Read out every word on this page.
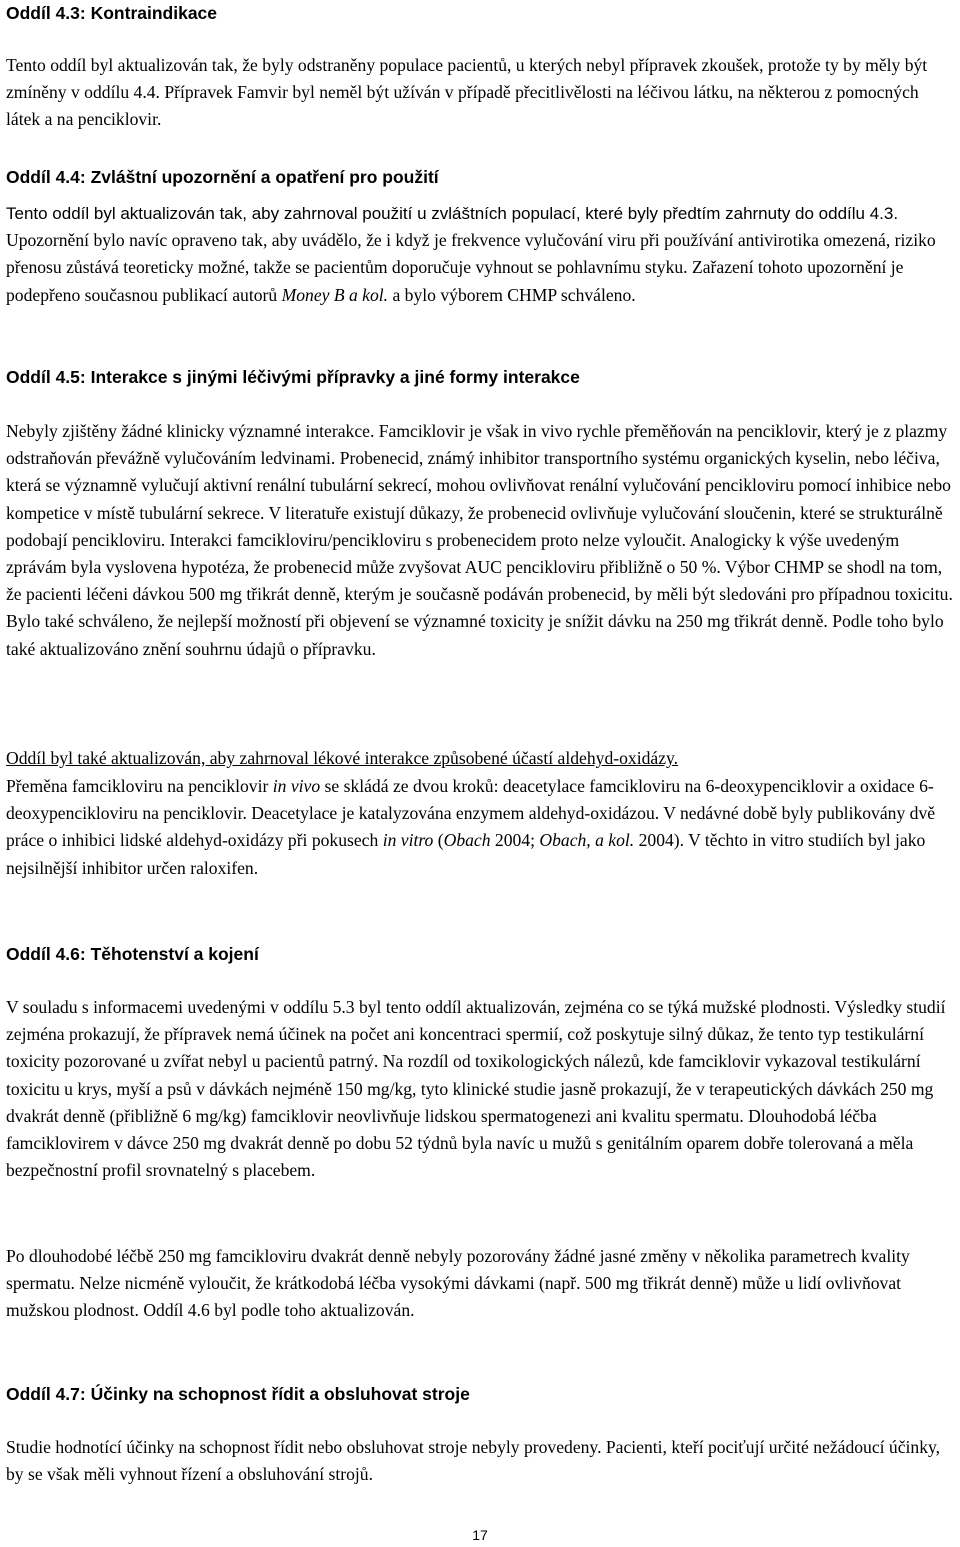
Oddíl 4.3: Kontraindikace

Tento oddíl byl aktualizován tak, že byly odstraněny populace pacientů, u kterých nebyl přípravek zkoušek, protože ty by měly být zmíněny v oddílu 4.4. Přípravek Famvir byl neměl být užíván v případě přecitlivělosti na léčivou látku, na některou z pomocných látek a na penciklovir.

Oddíl 4.4: Zvláštní upozornění a opatření pro použití

Tento oddíl byl aktualizován tak, aby zahrnoval použití u zvláštních populací, které byly předtím zahrnuty do oddílu 4.3. Upozornění bylo navíc opraveno tak, aby uvádělo, že i když je frekvence vylučování viru při používání antivirotika omezená, riziko přenosu zůstává teoreticky možné, takže se pacientům doporučuje vyhnout se pohlavnímu styku. Zařazení tohoto upozornění je podepřeno současnou publikací autorů Money B a kol. a bylo výborem CHMP schváleno.

Oddíl 4.5: Interakce s jinými léčivými přípravky a jiné formy interakce

Nebyly zjištěny žádné klinicky významné interakce. Famciklovir je však in vivo rychle přeměňován na penciklovir, který je z plazmy odstraňován převážně vylučováním ledvinami. Probenecid, známý inhibitor transportního systému organických kyselin, nebo léčiva, která se významně vylučují aktivní renální tubulární sekrecí, mohou ovlivňovat renální vylučování pencikloviru pomocí inhibice nebo kompetice v místě tubulární sekrece. V literatuře existují důkazy, že probenecid ovlivňuje vylučování sloučenin, které se strukturálně podobají pencikloviru. Interakci famcikloviru/pencikloviru s probenecidem proto nelze vyloučit. Analogicky k výše uvedeným zprávám byla vyslovena hypotéza, že probenecid může zvyšovat AUC pencikloviru přibližně o 50 %. Výbor CHMP se shodl na tom, že pacienti léčeni dávkou 500 mg třikrát denně, kterým je současně podáván probenecid, by měli být sledováni pro případnou toxicitu. Bylo také schváleno, že nejlepší možností při objevení se významné toxicity je snížit dávku na 250 mg třikrát denně. Podle toho bylo také aktualizováno znění souhrnu údajů o přípravku.

Oddíl byl také aktualizován, aby zahrnoval lékové interakce způsobené účastí aldehyd-oxidázy.

Přeměna famcikloviru na penciklovir in vivo se skládá ze dvou kroků: deacetylace famcikloviru na 6-deoxypenciklovir a oxidace 6-deoxypencikloviru na penciklovir. Deacetylace je katalyzována enzymem aldehyd-oxidázou. V nedávné době byly publikovány dvě práce o inhibici lidské aldehyd-oxidázy při pokusech in vitro (Obach 2004; Obach, a kol. 2004). V těchto in vitro studiích byl jako nejsilnější inhibitor určen raloxifen.

Oddíl 4.6: Těhotenství a kojení

V souladu s informacemi uvedenými v oddílu 5.3 byl tento oddíl aktualizován, zejména co se týká mužské plodnosti. Výsledky studií zejména prokazují, že přípravek nemá účinek na počet ani koncentraci spermií, což poskytuje silný důkaz, že tento typ testikulární toxicity pozorované u zvířat nebyl u pacientů patrný. Na rozdíl od toxikologických nálezů, kde famciklovir vykazoval testikulární toxicitu u krys, myší a psů v dávkách nejméně 150 mg/kg, tyto klinické studie jasně prokazují, že v terapeutických dávkách 250 mg dvakrát denně (přibližně 6 mg/kg) famciklovir neovlivňuje lidskou spermatogenezi ani kvalitu spermatu. Dlouhodobá léčba famciklovirem v dávce 250 mg dvakrát denně po dobu 52 týdnů byla navíc u mužů s genitálním oparem dobře tolerovaná a měla bezpečnostní profil srovnatelný s placebem.

Po dlouhodobé léčbě 250 mg famcikloviru dvakrát denně nebyly pozorovány žádné jasné změny v několika parametrech kvality spermatu. Nelze nicméně vyloučit, že krátkodobá léčba vysokými dávkami (např. 500 mg třikrát denně) může u lidí ovlivňovat mužskou plodnost. Oddíl 4.6 byl podle toho aktualizován.

Oddíl 4.7: Účinky na schopnost řídit a obsluhovat stroje

Studie hodnotící účinky na schopnost řídit nebo obsluhovat stroje nebyly provedeny. Pacienti, kteří pociťují určité nežádoucí účinky, by se však měli vyhnout řízení a obsluhování strojů.

17
